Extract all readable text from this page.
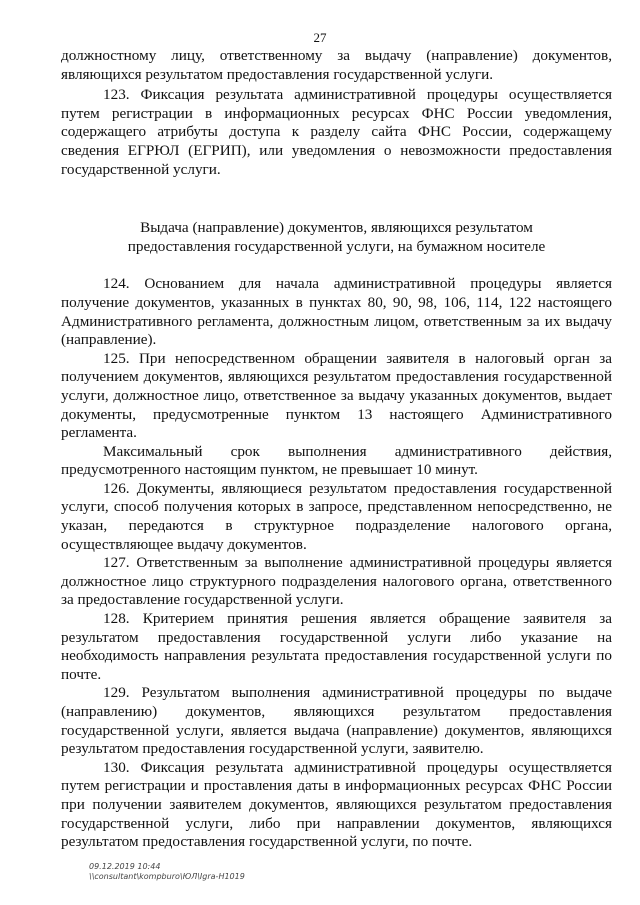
27

должностному лицу, ответственному за выдачу (направление) документов, являющихся результатом предоставления государственной услуги.

123. Фиксация результата административной процедуры осуществляется путем регистрации в информационных ресурсах ФНС России уведомления, содержащего атрибуты доступа к разделу сайта ФНС России, содержащему сведения ЕГРЮЛ (ЕГРИП), или уведомления о невозможности предоставления государственной услуги.

Выдача (направление) документов, являющихся результатом предоставления государственной услуги, на бумажном носителе

124. Основанием для начала административной процедуры является получение документов, указанных в пунктах 80, 90, 98, 106, 114, 122 настоящего Административного регламента, должностным лицом, ответственным за их выдачу (направление).

125. При непосредственном обращении заявителя в налоговый орган за получением документов, являющихся результатом предоставления государственной услуги, должностное лицо, ответственное за выдачу указанных документов, выдает документы, предусмотренные пунктом 13 настоящего Административного регламента.

Максимальный срок выполнения административного действия, предусмотренного настоящим пунктом, не превышает 10 минут.

126. Документы, являющиеся результатом предоставления государственной услуги, способ получения которых в запросе, представленном непосредственно, не указан, передаются в структурное подразделение налогового органа, осуществляющее выдачу документов.

127. Ответственным за выполнение административной процедуры является должностное лицо структурного подразделения налогового органа, ответственного за предоставление государственной услуги.

128. Критерием принятия решения является обращение заявителя за результатом предоставления государственной услуги либо указание на необходимость направления результата предоставления государственной услуги по почте.

129. Результатом выполнения административной процедуры по выдаче (направлению) документов, являющихся результатом предоставления государственной услуги, является выдача (направление) документов, являющихся результатом предоставления государственной услуги, заявителю.

130. Фиксация результата административной процедуры осуществляется путем регистрации и проставления даты в информационных ресурсах ФНС России при получении заявителем документов, являющихся результатом предоставления государственной услуги, либо при направлении документов, являющихся результатом предоставления государственной услуги, по почте.

09.12.2019 10:44
\\consultant\kompburo\ЮЛ\Igra-H1019
